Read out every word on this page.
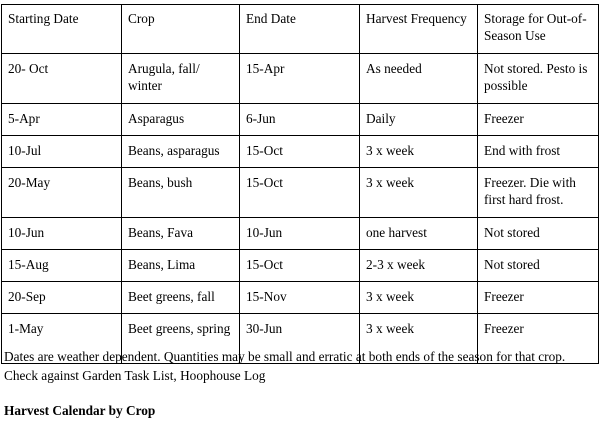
Starting Date	Crop	End Date	Harvest Frequency	Storage for Out-of-Season Use
20- Oct	Arugula, fall/ winter	15-Apr	As needed	Not stored. Pesto is possible
5-Apr	Asparagus	6-Jun	Daily	Freezer
10-Jul	Beans, asparagus	15-Oct	3 x week	End with frost
20-May	Beans, bush	15-Oct	3 x week	Freezer. Die with first hard frost.
10-Jun	Beans, Fava	10-Jun	one harvest	Not stored
15-Aug	Beans, Lima	15-Oct	2-3 x week	Not stored
20-Sep	Beet greens, fall	15-Nov	3 x week	Freezer
1-May	Beet greens, spring	30-Jun	3 x week	Freezer
Dates are weather dependent. Quantities may be small and erratic at both ends of the season for that crop. Check against Garden Task List, Hoophouse Log
Harvest Calendar by Crop
